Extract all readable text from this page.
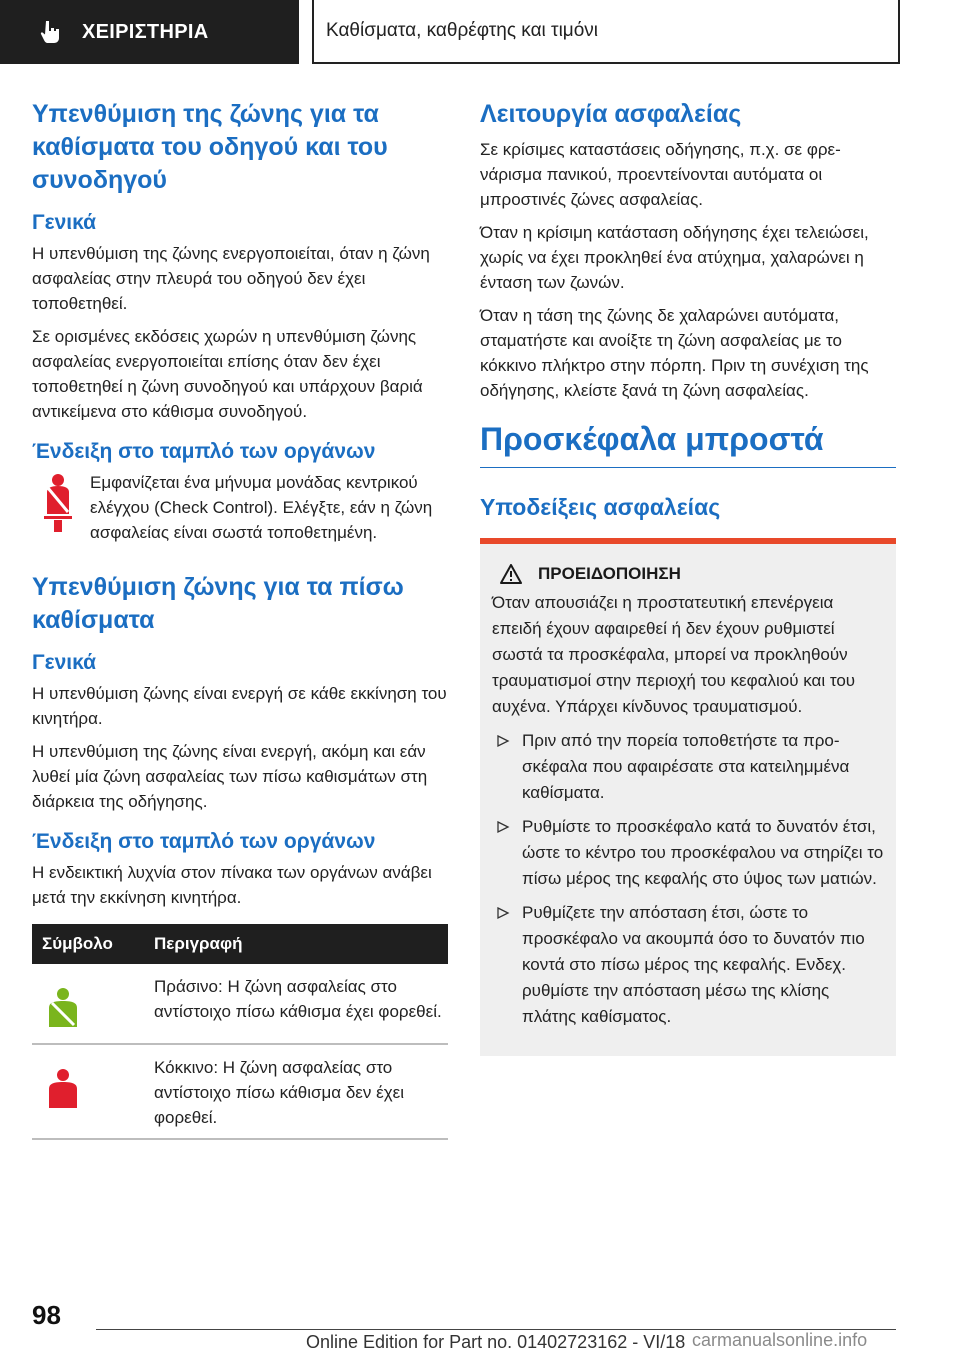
ΧΕΙΡΙΣΤΗΡΙΑ	Καθίσματα, καθρέφτης και τιμόνι
Υπενθύμιση της ζώνης για τα καθίσματα του οδηγού και του συνοδηγού
Γενικά

Η υπενθύμιση της ζώνης ενεργοποιείται, όταν η ζώνη ασφαλείας στην πλευρά του οδηγού δεν έχει τοποθετηθεί.

Σε ορισμένες εκδόσεις χωρών η υπενθύμιση ζώνης ασφαλείας ενεργοποιείται επίσης όταν δεν έχει τοποθετηθεί η ζώνη συνοδηγού και υπάρχουν βαριά αντικείμενα στο κάθισμα συνοδηγού.

Ένδειξη στο ταμπλό των οργάνων

Εμφανίζεται ένα μήνυμα μονάδας κεντρικού ελέγχου (Check Control). Ελέγξτε, εάν η ζώνη ασφαλείας είναι σωστά τοποθετημένη.

Υπενθύμιση ζώνης για τα πίσω καθίσματα
Γενικά

Η υπενθύμιση ζώνης είναι ενεργή σε κάθε εκκίνηση του κινητήρα.

Η υπενθύμιση της ζώνης είναι ενεργή, ακόμη και εάν λυθεί μία ζώνη ασφαλείας των πίσω καθισμάτων στη διάρκεια της οδήγησης.

Ένδειξη στο ταμπλό των οργάνων

Η ενδεικτική λυχνία στον πίνακα των οργάνων ανάβει μετά την εκκίνηση κινητήρα.

Σύμβολο	Περιγραφή
	Πράσινο: Η ζώνη ασφαλείας στο αντίστοιχο πίσω κάθισμα έχει φορεθεί.
	Κόκκινο: Η ζώνη ασφαλείας στο αντίστοιχο πίσω κάθισμα δεν έχει φορεθεί.
Λειτουργία ασφαλείας

Σε κρίσιμες καταστάσεις οδήγησης, π.χ. σε φρενάρισμα πανικού, προεντείνονται αυτόματα οι μπροστινές ζώνες ασφαλείας.

Όταν η κρίσιμη κατάσταση οδήγησης έχει τελειώσει, χωρίς να έχει προκληθεί ένα ατύχημα, χαλαρώνει η ένταση των ζωνών.

Όταν η τάση της ζώνης δε χαλαρώνει αυτόματα, σταματήστε και ανοίξτε τη ζώνη ασφαλείας με το κόκκινο πλήκτρο στην πόρπη. Πριν τη συνέχιση της οδήγησης, κλείστε ξανά τη ζώνη ασφαλείας.

Προσκέφαλα μπροστά
Υποδείξεις ασφαλείας
ΠΡΟΕΙΔΟΠΟΙΗΣΗ

Όταν απουσιάζει η προστατευτική επενέργεια επειδή έχουν αφαιρεθεί ή δεν έχουν ρυθμιστεί σωστά τα προσκέφαλα, μπορεί να προκληθούν τραυματισμοί στην περιοχή του κεφαλιού και του αυχένα. Υπάρχει κίνδυνος τραυματισμού.

Πριν από την πορεία τοποθετήστε τα προσκέφαλα που αφαιρέσατε στα κατειλημμένα καθίσματα.
Ρυθμίστε το προσκέφαλο κατά το δυνατόν έτσι, ώστε το κέντρο του προσκέφαλου να στηρίζει το πίσω μέρος της κεφαλής στο ύψος των ματιών.
Ρυθμίζετε την απόσταση έτσι, ώστε το προσκέφαλο να ακουμπά όσο το δυνατόν πιο κοντά στο πίσω μέρος της κεφαλής. Ενδεχ. ρυθμίστε την απόσταση μέσω της κλίσης πλάτης καθίσματος.
98
Online Edition for Part no. 01402723162 - VI/18 carmanualsonline.info
